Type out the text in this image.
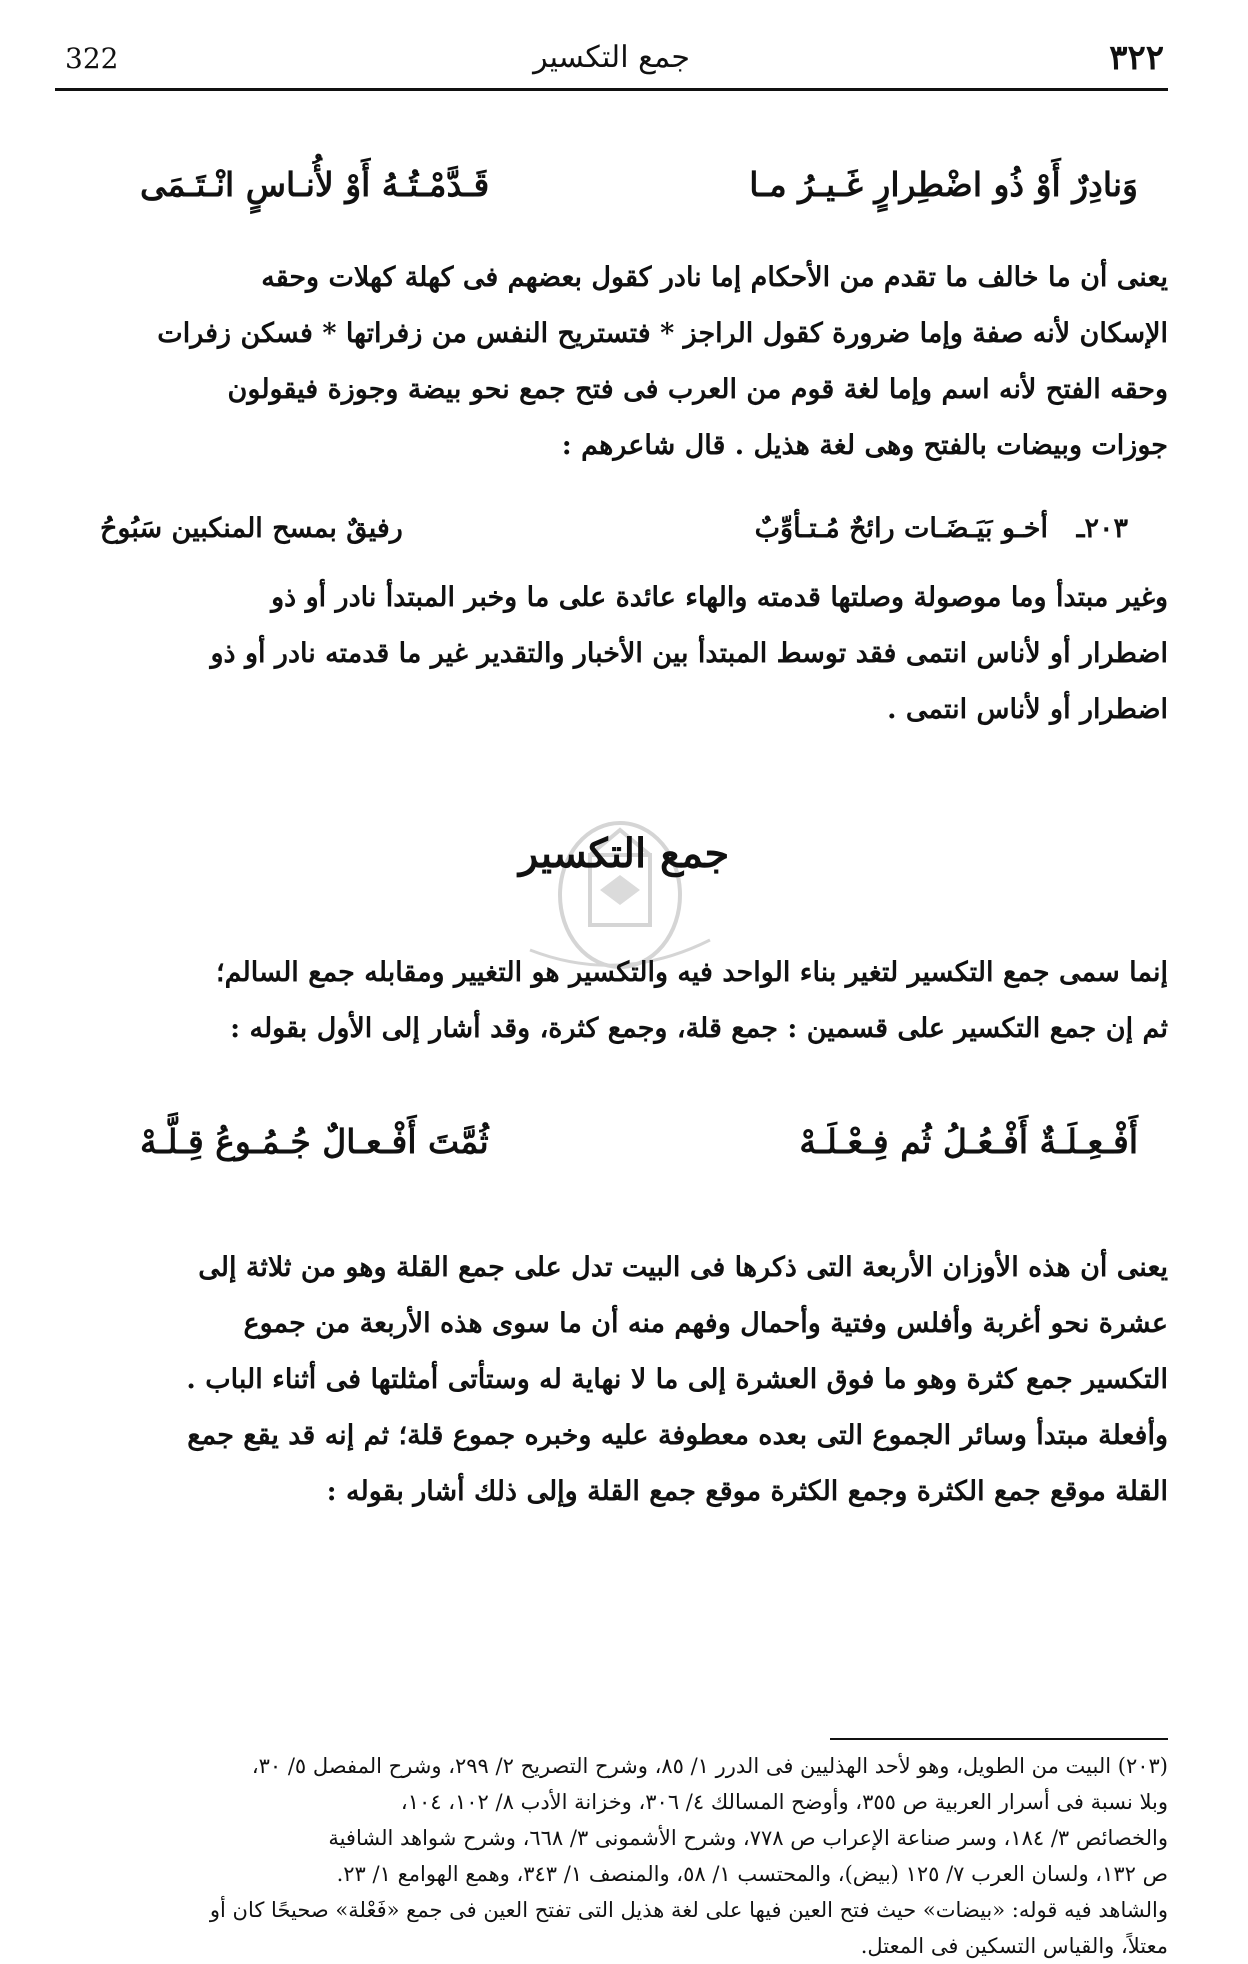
322	جمع التكسير	٣٢٢
وَنادِرٌ أَوْ ذُو اضْطِرارٍ غَـيـرُ مـا
قَـدَّمْـتُـهُ أَوْ لأُنـاسٍ انْـتَـمَى

يعنى أن ما خالف ما تقدم من الأحكام إما نادر كقول بعضهم فى كهلة كهلات وحقه

الإسكان لأنه صفة وإما ضرورة كقول الراجز * فتستريح النفس من زفراتها * فسكن زفرات

وحقه الفتح لأنه اسم وإما لغة قوم من العرب فى فتح جمع نحو بيضة وجوزة فيقولون

جوزات وبيضات بالفتح وهى لغة هذيل . قال شاعرهم :

٢٠٣ـ
أخـو بَيَـضَـات رائحٌ مُـتـأوِّبٌ
رفيقٌ بمسح المنكبين سَبُوحُ

وغير مبتدأ وما موصولة وصلتها قدمته والهاء عائدة على ما وخبر المبتدأ نادر أو ذو

اضطرار أو لأناس انتمى فقد توسط المبتدأ بين الأخبار والتقدير غير ما قدمته نادر أو ذو

اضطرار أو لأناس انتمى .

جمع التكسير

إنما سمى جمع التكسير لتغير بناء الواحد فيه والتكسير هو التغيير ومقابله جمع السالم؛

ثم إن جمع التكسير على قسمين : جمع قلة، وجمع كثرة، وقد أشار إلى الأول بقوله :

أَفْـعِـلَـةٌ أَفْـعُـلُ ثُم فِـعْـلَـهْ
ثُمَّتَ أَفْـعـالٌ جُـمُـوعُ قِـلَّـهْ

يعنى أن هذه الأوزان الأربعة التى ذكرها فى البيت تدل على جمع القلة وهو من ثلاثة إلى

عشرة نحو أغربة وأفلس وفتية وأحمال وفهم منه أن ما سوى هذه الأربعة من جموع

التكسير جمع كثرة وهو ما فوق العشرة إلى ما لا نهاية له وستأتى أمثلتها فى أثناء الباب .

وأفعلة مبتدأ وسائر الجموع التى بعده معطوفة عليه وخبره جموع قلة؛ ثم إنه قد يقع جمع

القلة موقع جمع الكثرة وجمع الكثرة موقع جمع القلة وإلى ذلك أشار بقوله :

(٢٠٣) البيت من الطويل، وهو لأحد الهذليين فى الدرر ١/ ٨٥، وشرح التصريح ٢/ ٢٩٩، وشرح المفصل ٥/ ٣٠،

وبلا نسبة فى أسرار العربية ص ٣٥٥، وأوضح المسالك ٤/ ٣٠٦، وخزانة الأدب ٨/ ١٠٢، ١٠٤،

والخصائص ٣/ ١٨٤، وسر صناعة الإعراب ص ٧٧٨، وشرح الأشمونى ٣/ ٦٦٨، وشرح شواهد الشافية

ص ١٣٢، ولسان العرب ٧/ ١٢٥ (بيض)، والمحتسب ١/ ٥٨، والمنصف ١/ ٣٤٣، وهمع الهوامع ١/ ٢٣.

والشاهد فيه قوله: «بيضات» حيث فتح العين فيها على لغة هذيل التى تفتح العين فى جمع «فَعْلة» صحيحًا كان أو

معتلاً، والقياس التسكين فى المعتل.
